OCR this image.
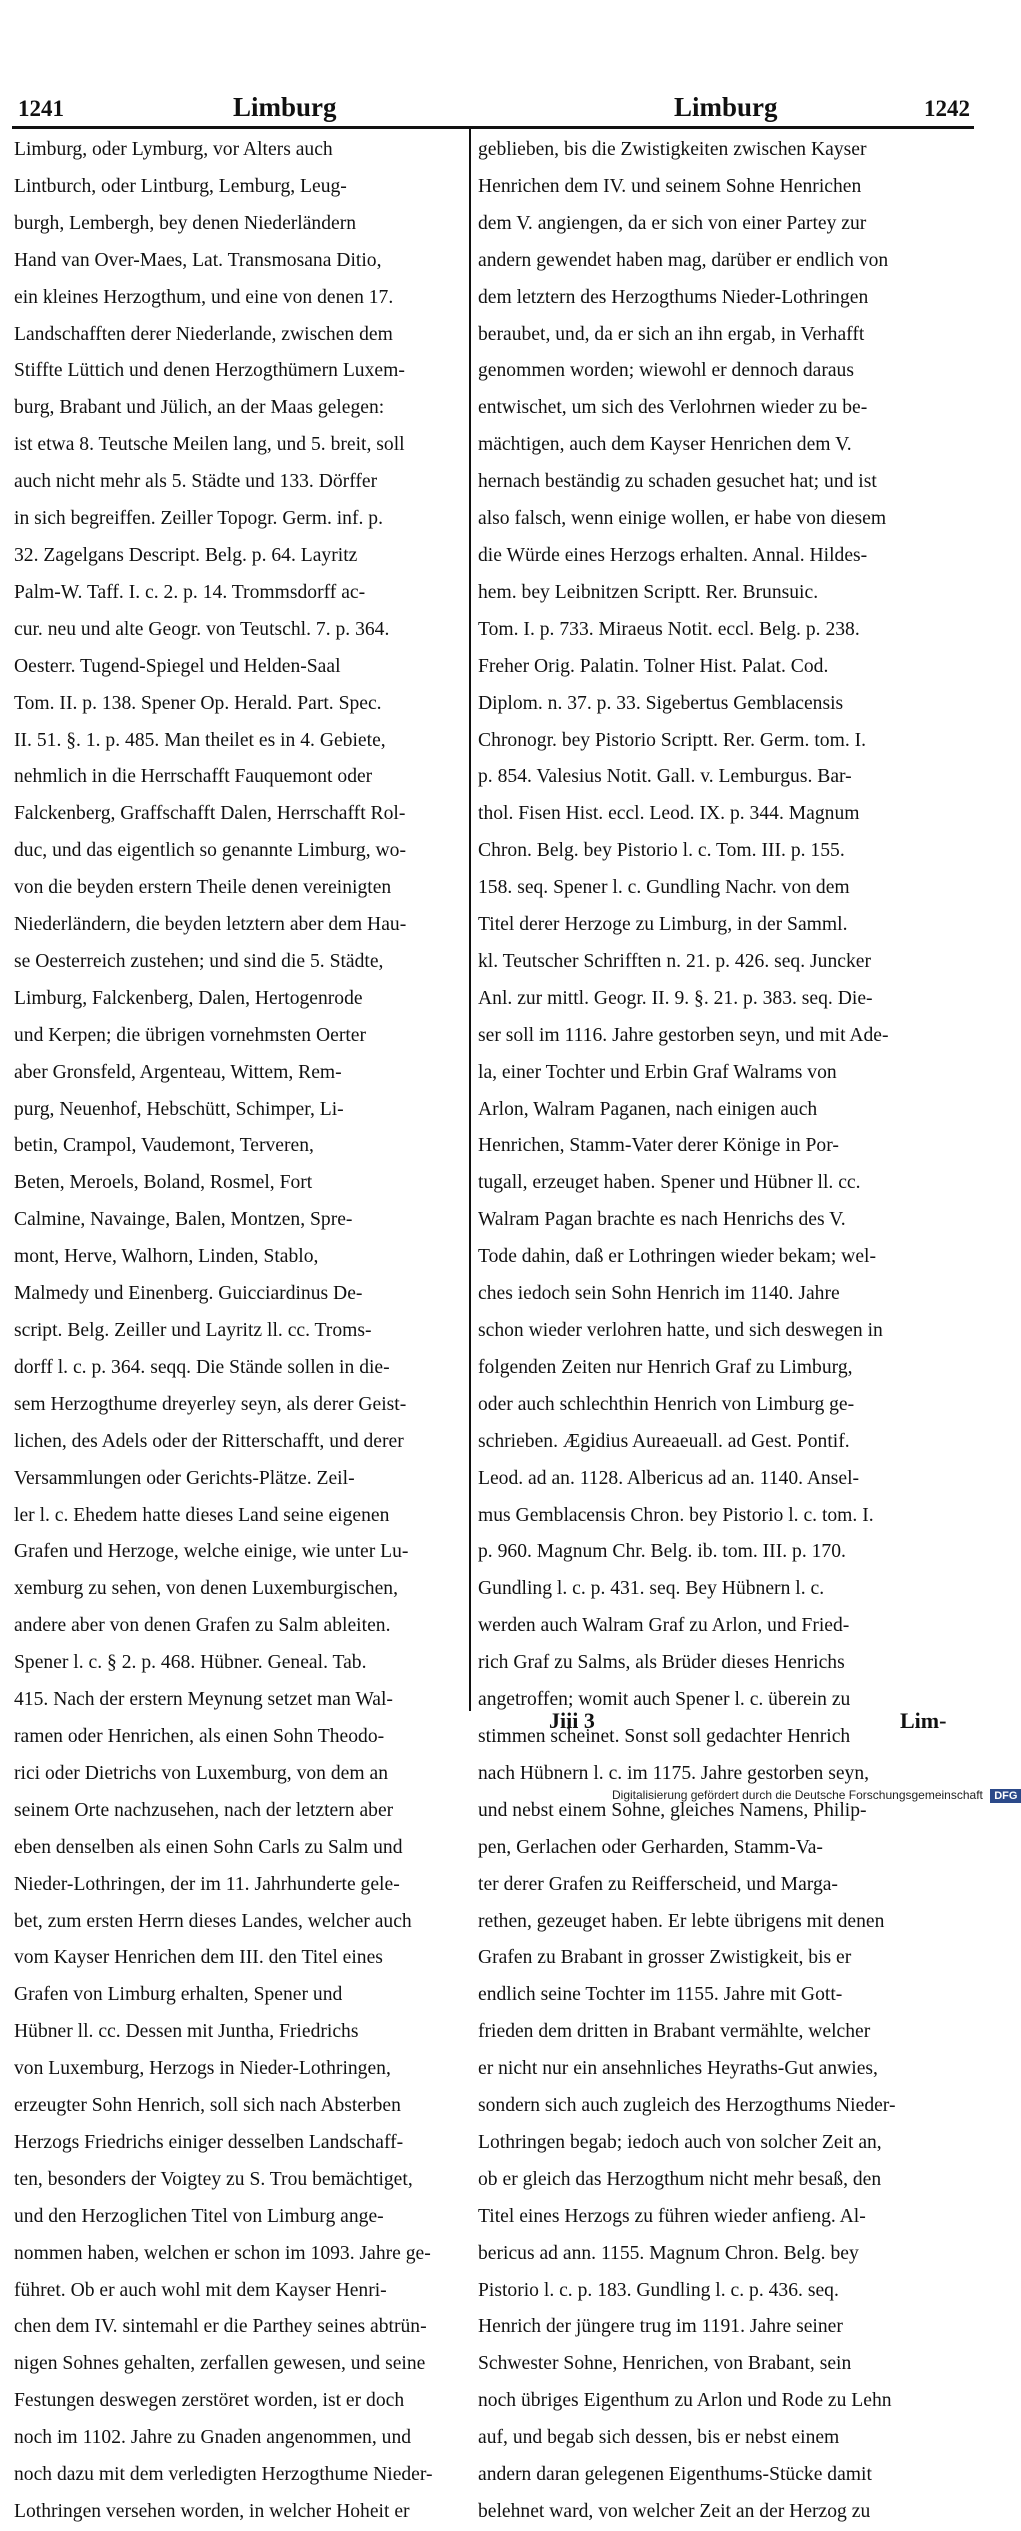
1241	Limburg	Limburg	1242
Limburg, oder Lymburg, vor Alters auch
Lintburch, oder Lintburg, Lemburg, Leug-
burgh, Lembergh, bey denen Niederländern
Hand van Over-Maes, Lat. Transmosana Ditio,
ein kleines Herzogthum, und eine von denen 17.
Landschafften derer Niederlande, zwischen dem
Stiffte Lüttich und denen Herzogthümern Luxem-
burg, Brabant und Jülich, an der Maas gelegen:
ist etwa 8. Teutsche Meilen lang, und 5. breit, soll
auch nicht mehr als 5. Städte und 133. Dörffer
in sich begreiffen. Zeiller Topogr. Germ. inf. p.
32. Zagelgans Descript. Belg. p. 64. Layritz
Palm-W. Taff. I. c. 2. p. 14. Trommsdorff ac-
cur. neu und alte Geogr. von Teutschl. 7. p. 364.
Oesterr. Tugend-Spiegel und Helden-Saal
Tom. II. p. 138. Spener Op. Herald. Part. Spec.
II. 51. §. 1. p. 485. Man theilet es in 4. Gebiete,
nehmlich in die Herrschafft Fauquemont oder
Falckenberg, Graffschafft Dalen, Herrschafft Rol-
duc, und das eigentlich so genannte Limburg, wo-
von die beyden erstern Theile denen vereinigten
Niederländern, die beyden letztern aber dem Hau-
se Oesterreich zustehen; und sind die 5. Städte,
Limburg, Falckenberg, Dalen, Hertogenrode
und Kerpen; die übrigen vornehmsten Oerter
aber Gronsfeld, Argenteau, Wittem, Rem-
purg, Neuenhof, Hebschütt, Schimper, Li-
betin, Crampol, Vaudemont, Terveren,
Beten, Meroels, Boland, Rosmel, Fort
Calmine, Navainge, Balen, Montzen, Spre-
mont, Herve, Walhorn, Linden, Stablo,
Malmedy und Einenberg. Guicciardinus De-
script. Belg. Zeiller und Layritz ll. cc. Troms-
dorff l. c. p. 364. seqq. Die Stände sollen in die-
sem Herzogthume dreyerley seyn, als derer Geist-
lichen, des Adels oder der Ritterschafft, und derer
Versammlungen oder Gerichts-Plätze. Zeil-
ler l. c. Ehedem hatte dieses Land seine eigenen
Grafen und Herzoge, welche einige, wie unter Lu-
xemburg zu sehen, von denen Luxemburgischen,
andere aber von denen Grafen zu Salm ableiten.
Spener l. c. § 2. p. 468. Hübner. Geneal. Tab.
415. Nach der erstern Meynung setzet man Wal-
ramen oder Henrichen, als einen Sohn Theodo-
rici oder Dietrichs von Luxemburg, von dem an
seinem Orte nachzusehen, nach der letztern aber
eben denselben als einen Sohn Carls zu Salm und
Nieder-Lothringen, der im 11. Jahrhunderte gele-
bet, zum ersten Herrn dieses Landes, welcher auch
vom Kayser Henrichen dem III. den Titel eines
Grafen von Limburg erhalten, Spener und
Hübner ll. cc. Dessen mit Juntha, Friedrichs
von Luxemburg, Herzogs in Nieder-Lothringen,
erzeugter Sohn Henrich, soll sich nach Absterben
Herzogs Friedrichs einiger desselben Landschaff-
ten, besonders der Voigtey zu S. Trou bemächtiget,
und den Herzoglichen Titel von Limburg ange-
nommen haben, welchen er schon im 1093. Jahre ge-
führet. Ob er auch wohl mit dem Kayser Henri-
chen dem IV. sintemahl er die Parthey seines abtrün-
nigen Sohnes gehalten, zerfallen gewesen, und seine
Festungen deswegen zerstöret worden, ist er doch
noch im 1102. Jahre zu Gnaden angenommen, und
noch dazu mit dem verledigten Herzogthume Nieder-
Lothringen versehen worden, in welcher Hoheit er
geblieben, bis die Zwistigkeiten zwischen Kayser
Henrichen dem IV. und seinem Sohne Henrichen
dem V. angiengen, da er sich von einer Partey zur
andern gewendet haben mag, darüber er endlich von
dem letztern des Herzogthums Nieder-Lothringen
beraubet, und, da er sich an ihn ergab, in Verhafft
genommen worden; wiewohl er dennoch daraus
entwischet, um sich des Verlohrnen wieder zu be-
mächtigen, auch dem Kayser Henrichen dem V.
hernach beständig zu schaden gesuchet hat; und ist
also falsch, wenn einige wollen, er habe von diesem
die Würde eines Herzogs erhalten. Annal. Hildes-
hem. bey Leibnitzen Scriptt. Rer. Brunsuic.
Tom. I. p. 733. Miraeus Notit. eccl. Belg. p. 238.
Freher Orig. Palatin. Tolner Hist. Palat. Cod.
Diplom. n. 37. p. 33. Sigebertus Gemblacensis
Chronogr. bey Pistorio Scriptt. Rer. Germ. tom. I.
p. 854. Valesius Notit. Gall. v. Lemburgus. Bar-
thol. Fisen Hist. eccl. Leod. IX. p. 344. Magnum
Chron. Belg. bey Pistorio l. c. Tom. III. p. 155.
158. seq. Spener l. c. Gundling Nachr. von dem
Titel derer Herzoge zu Limburg, in der Samml.
kl. Teutscher Schrifften n. 21. p. 426. seq. Juncker
Anl. zur mittl. Geogr. II. 9. §. 21. p. 383. seq. Die-
ser soll im 1116. Jahre gestorben seyn, und mit Ade-
la, einer Tochter und Erbin Graf Walrams von
Arlon, Walram Paganen, nach einigen auch
Henrichen, Stamm-Vater derer Könige in Por-
tugall, erzeuget haben. Spener und Hübner ll. cc.
Walram Pagan brachte es nach Henrichs des V.
Tode dahin, daß er Lothringen wieder bekam; wel-
ches iedoch sein Sohn Henrich im 1140. Jahre
schon wieder verlohren hatte, und sich deswegen in
folgenden Zeiten nur Henrich Graf zu Limburg,
oder auch schlechthin Henrich von Limburg ge-
schrieben. Ægidius Aureaeuall. ad Gest. Pontif.
Leod. ad an. 1128. Albericus ad an. 1140. Ansel-
mus Gemblacensis Chron. bey Pistorio l. c. tom. I.
p. 960. Magnum Chr. Belg. ib. tom. III. p. 170.
Gundling l. c. p. 431. seq. Bey Hübnern l. c.
werden auch Walram Graf zu Arlon, und Fried-
rich Graf zu Salms, als Brüder dieses Henrichs
angetroffen; womit auch Spener l. c. überein zu
stimmen scheinet. Sonst soll gedachter Henrich
nach Hübnern l. c. im 1175. Jahre gestorben seyn,
und nebst einem Sohne, gleiches Namens, Philip-
pen, Gerlachen oder Gerharden, Stamm-Va-
ter derer Grafen zu Reifferscheid, und Marga-
rethen, gezeuget haben. Er lebte übrigens mit denen
Grafen zu Brabant in grosser Zwistigkeit, bis er
endlich seine Tochter im 1155. Jahre mit Gott-
frieden dem dritten in Brabant vermählte, welcher
er nicht nur ein ansehnliches Heyraths-Gut anwies,
sondern sich auch zugleich des Herzogthums Nieder-
Lothringen begab; iedoch auch von solcher Zeit an,
ob er gleich das Herzogthum nicht mehr besaß, den
Titel eines Herzogs zu führen wieder anfieng. Al-
bericus ad ann. 1155. Magnum Chron. Belg. bey
Pistorio l. c. p. 183. Gundling l. c. p. 436. seq.
Henrich der jüngere trug im 1191. Jahre seiner
Schwester Sohne, Henrichen, von Brabant, sein
noch übriges Eigenthum zu Arlon und Rode zu Lehn
auf, und begab sich dessen, bis er nebst einem
andern daran gelegenen Eigenthums-Stücke damit
belehnet ward, von welcher Zeit an der Herzog zu
Jiii 3	Lim-
Digitalisierung gefördert durch die Deutsche Forschungsgemeinschaft DFG
